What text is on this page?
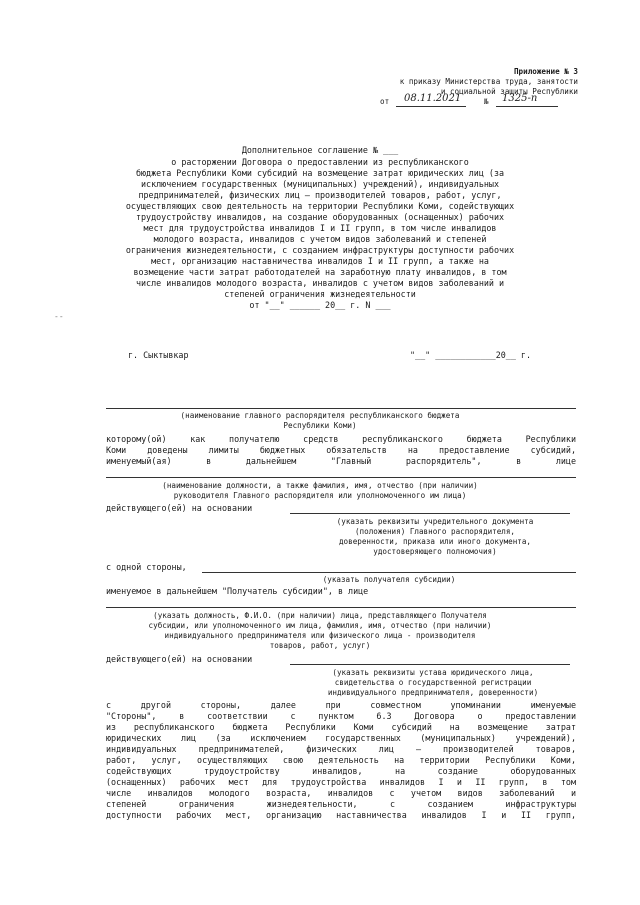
Приложение № 3
к приказу Министерства труда, занятости
и социальной защиты Республики
от 08.11.2021	№ 1325-п
Дополнительное соглашение № ___
о расторжении Договора о предоставлении из республиканского
бюджета Республики Коми субсидий на возмещение затрат юридических лиц (за
исключением государственных (муниципальных) учреждений), индивидуальных
предпринимателей, физических лиц – производителей товаров, работ, услуг,
осуществляющих свою деятельность на территории Республики Коми, содействующих
трудоустройству инвалидов, на создание оборудованных (оснащенных) рабочих
мест для трудоустройства инвалидов I и II групп, в том числе инвалидов
молодого возраста, инвалидов с учетом видов заболеваний и степеней
ограничения жизнедеятельности, с созданием инфраструктуры доступности рабочих
мест, организацию наставничества инвалидов I и II групп, а также на
возмещение части затрат работодателей на заработную плату инвалидов, в том
числе инвалидов молодого возраста, инвалидов с учетом видов заболеваний и
степеней ограничения жизнедеятельности
от "__" ______ 20__ г. N ___
--
г. Сыктывкар	"__" ____________20__ г.
(наименование главного распорядителя республиканского бюджета
Республики Коми)
которому(ой) как получателю средств республиканского бюджета Республики
Коми доведены лимиты бюджетных обязательств на предоставление субсидий,
именуемый(ая) в дальнейшем "Главный распорядитель", в лице
(наименование должности, а также фамилия, имя, отчество (при наличии)
руководителя Главного распорядителя или уполномоченного им лица)
действующего(ей) на основании
(указать реквизиты учредительного документа
(положения) Главного распорядителя,
доверенности, приказа или иного документа,
удостоверяющего полномочия)
с одной стороны,
(указать получателя субсидии)
именуемое в дальнейшем "Получатель субсидии", в лице
(указать должность, Ф.И.О. (при наличии) лица, представляющего Получателя
субсидии, или уполномоченного им лица, фамилия, имя, отчество (при наличии)
индивидуального предпринимателя или физического лица - производителя
товаров, работ, услуг)
действующего(ей) на основании
(указать реквизиты устава юридического лица,
свидетельства о государственной регистрации
индивидуального предпринимателя, доверенности)
с другой стороны, далее при совместном упоминании именуемые
"Стороны", в соответствии с пунктом 6.3 Договора о предоставлении
из республиканского бюджета Республики Коми субсидий на возмещение затрат
юридических лиц (за исключением государственных (муниципальных) учреждений),
индивидуальных предпринимателей, физических лиц – производителей товаров,
работ, услуг, осуществляющих свою деятельность на территории Республики Коми,
содействующих трудоустройству инвалидов, на создание оборудованных
(оснащенных) рабочих мест для трудоустройства инвалидов I и II групп, в том
числе инвалидов молодого возраста, инвалидов с учетом видов заболеваний и
степеней ограничения жизнедеятельности, с созданием инфраструктуры
доступности рабочих мест, организацию наставничества инвалидов I и II групп,
